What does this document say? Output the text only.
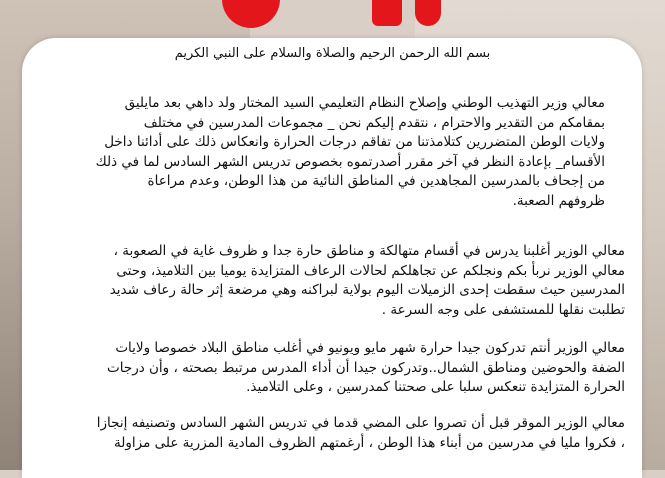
بسم الله الرحمن الرحيم والصلاة والسلام على النبي الكريم
معالي وزير التهذيب الوطني وإصلاح النظام التعليمي السيد المختار ولد داهي بعد مايليق
بمقامكم من التقدير والاحترام ، نتقدم إليكم نحن _ مجموعات المدرسين في مختلف
ولايات الوطن المتضررين كتلامذتنا من تفاقم درجات الحرارة وانعكاس ذلك على أدائنا داخل
الأقسام_ بإعادة النظر في آخر مقرر أصدرتموه بخصوص تدريس الشهر السادس لما في ذلك
من إجحاف بالمدرسين المجاهدين في المناطق النائية من هذا الوطن، وعدم مراعاة
ظروفهم الصعبة.
معالي الوزير أغلبنا يدرس في أقسام متهالكة و مناطق حارة جدا و ظروف غاية في الصعوبة ،
معالي الوزير نربأ بكم ونجلكم عن تجاهلكم لحالات الرعاف المتزايدة يوميا بين التلاميذ، وحتى
المدرسين حيث سقطت إحدى الزميلات اليوم بولاية لبراكنه وهي مرضعة إثر حالة رعاف شديد
تطلبت نقلها للمستشفى على وجه السرعة .
معالي الوزير أنتم تدركون جيدا حرارة شهر مايو ويونيو في أغلب مناطق البلاد خصوصا ولايات
الضفة والحوضين ومناطق الشمال..وتدركون جيدا أن أداء المدرس مرتبط بصحته ، وأن درجات
الحرارة المتزايدة تنعكس سلبا على صحتنا كمدرسين ، وعلى التلاميذ.
معالي الوزير الموقر قبل أن تصروا على المضي قدما في تدريس الشهر السادس وتصنيفه إنجازا
، فكروا مليا في مدرسين من أبناء هذا الوطن ، أرغمتهم الظروف المادية المزرية على مزاولة
